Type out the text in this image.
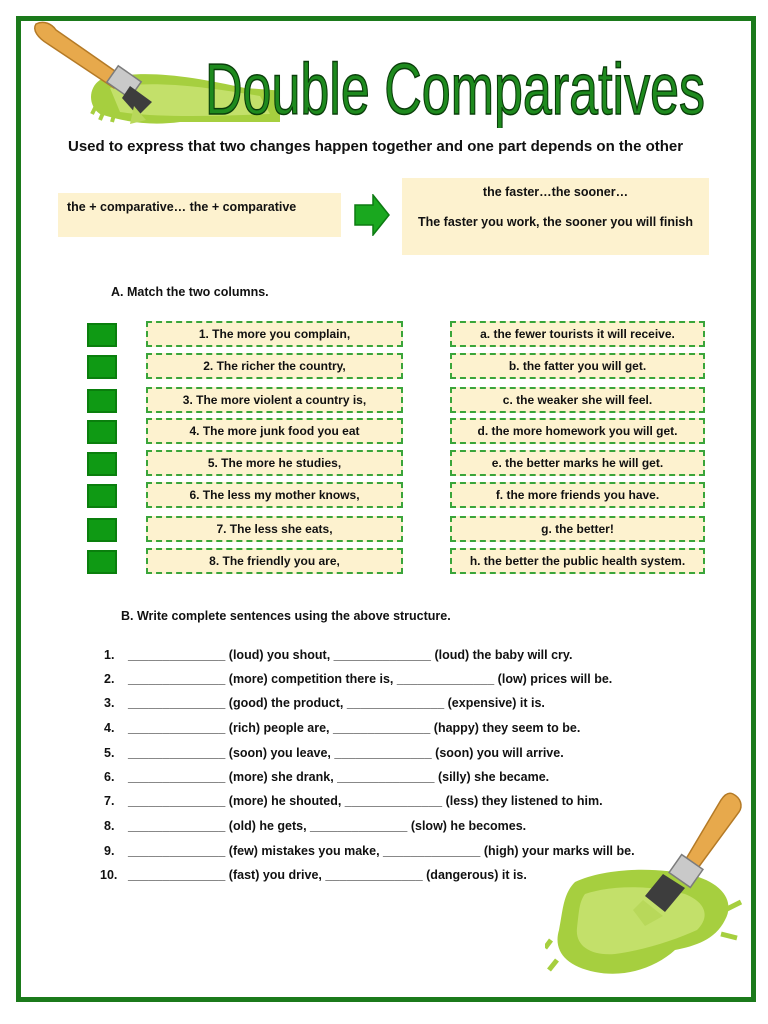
Double Comparatives
Used to express that two changes happen together and one part depends on the other
the + comparative… the + comparative
the faster…the sooner…
The faster you work, the sooner you will finish
A. Match the two columns.
1. The more you complain,
2. The richer the country,
3. The more violent a country is,
4. The more junk food you eat
5. The more he studies,
6. The less my mother knows,
7. The less she eats,
8. The friendly you are,
a. the fewer tourists it will receive.
b. the fatter you will get.
c. the weaker she will feel.
d. the more homework you will get.
e. the better marks he will get.
f. the more friends you have.
g. the better!
h. the better the public health system.
B. Write complete sentences using the above structure.
1. ______________ (loud) you shout, ______________ (loud) the baby will cry.
2. ______________ (more) competition there is, ______________ (low) prices will be.
3. ______________ (good) the product, ______________ (expensive) it is.
4. ______________ (rich) people are, ______________ (happy) they seem to be.
5. ______________ (soon) you leave, ______________ (soon) you will arrive.
6. ______________ (more) she drank, ______________ (silly) she became.
7. ______________ (more) he shouted, ______________ (less) they listened to him.
8. ______________ (old) he gets, ______________ (slow) he becomes.
9. ______________ (few) mistakes you make, ______________ (high) your marks will be.
10. ______________ (fast) you drive, ______________ (dangerous) it is.
